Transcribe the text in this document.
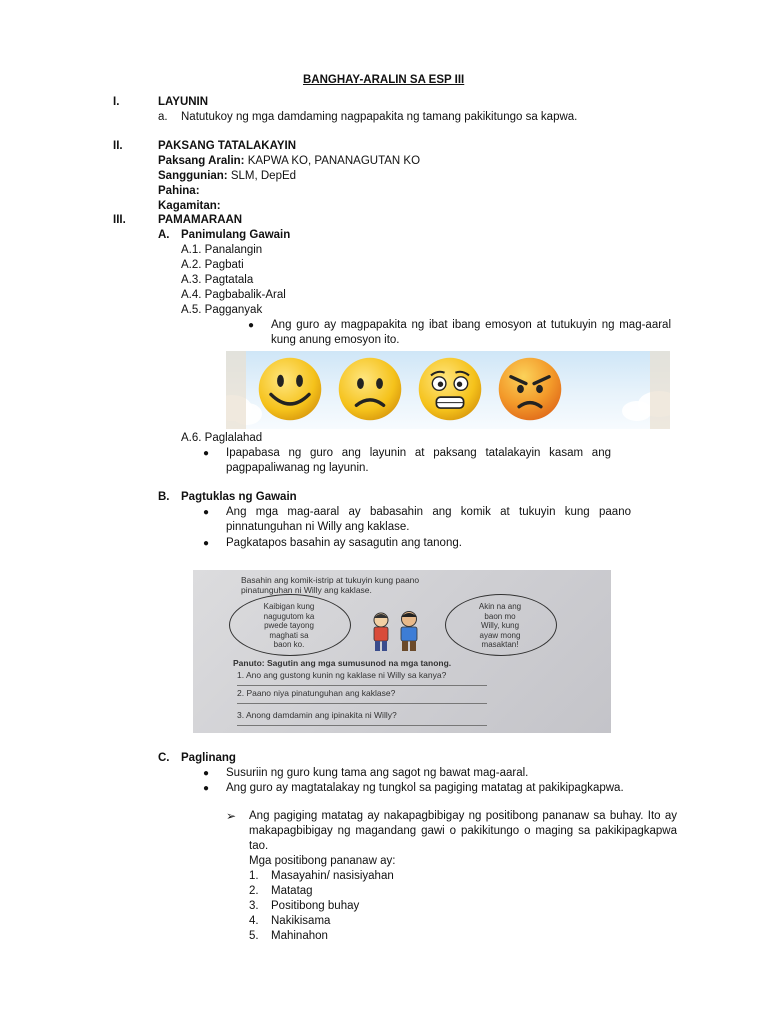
BANGHAY-ARALIN SA ESP III
I.	LAYUNIN
a. Natutukoy ng mga damdaming nagpapakita ng tamang pakikitungo sa kapwa.
II.	PAKSANG TATALAKAYIN
Paksang Aralin: KAPWA KO, PANANAGUTAN KO
Sanggunian: SLM, DepEd
Pahina:
Kagamitan:
III.	PAMAMARAAN
A. Panimulang Gawain
A.1. Panalangin
A.2. Pagbati
A.3. Pagtatala
A.4. Pagbabalik-Aral
A.5. Pagganyak
● Ang guro ay magpapakita ng ibat ibang emosyon at tutukuyin ng mag-aaral kung anung emosyon ito.
A.6. Paglalahad
● Ipapabasa ng guro ang layunin at paksang tatalakayin kasam ang pagpapaliwanag ng layunin.
B. Pagtuklas ng Gawain
● Ang mga mag-aaral ay babasahin ang komik at tukuyin kung paano pinnatunguhan ni Willy ang kaklase.
● Pagkatapos basahin ay sasagutin ang tanong.
Basahin ang komik-istrip at tukuyin kung paano
pinatunguhan ni Willy ang kaklase.
Kaibigan kung
nagugutom ka
pwede tayong
maghati sa
baon ko.
Akin na ang
baon mo
Willy, kung
ayaw mong
masaktan!
Panuto: Sagutin ang mga sumusunod na mga tanong.
1. Ano ang gustong kunin ng kaklase ni Willy sa kanya?
2. Paano niya pinatunguhan ang kaklase?
3. Anong damdamin ang ipinakita ni Willy?
C. Paglinang
● Susuriin ng guro kung tama ang sagot ng bawat mag-aaral.
● Ang guro ay magtatalakay ng tungkol sa pagiging matatag at pakikipagkapwa.
➢ Ang pagiging matatag ay nakapagbibigay ng positibong pananaw sa buhay. Ito ay makapagbibigay ng magandang gawi o pakikitungo o maging sa pakikipagkapwa tao.
Mga positibong pananaw ay:
1. Masayahin/ nasisiyahan
2. Matatag
3. Positibong buhay
4. Nakikisama
5. Mahinahon
